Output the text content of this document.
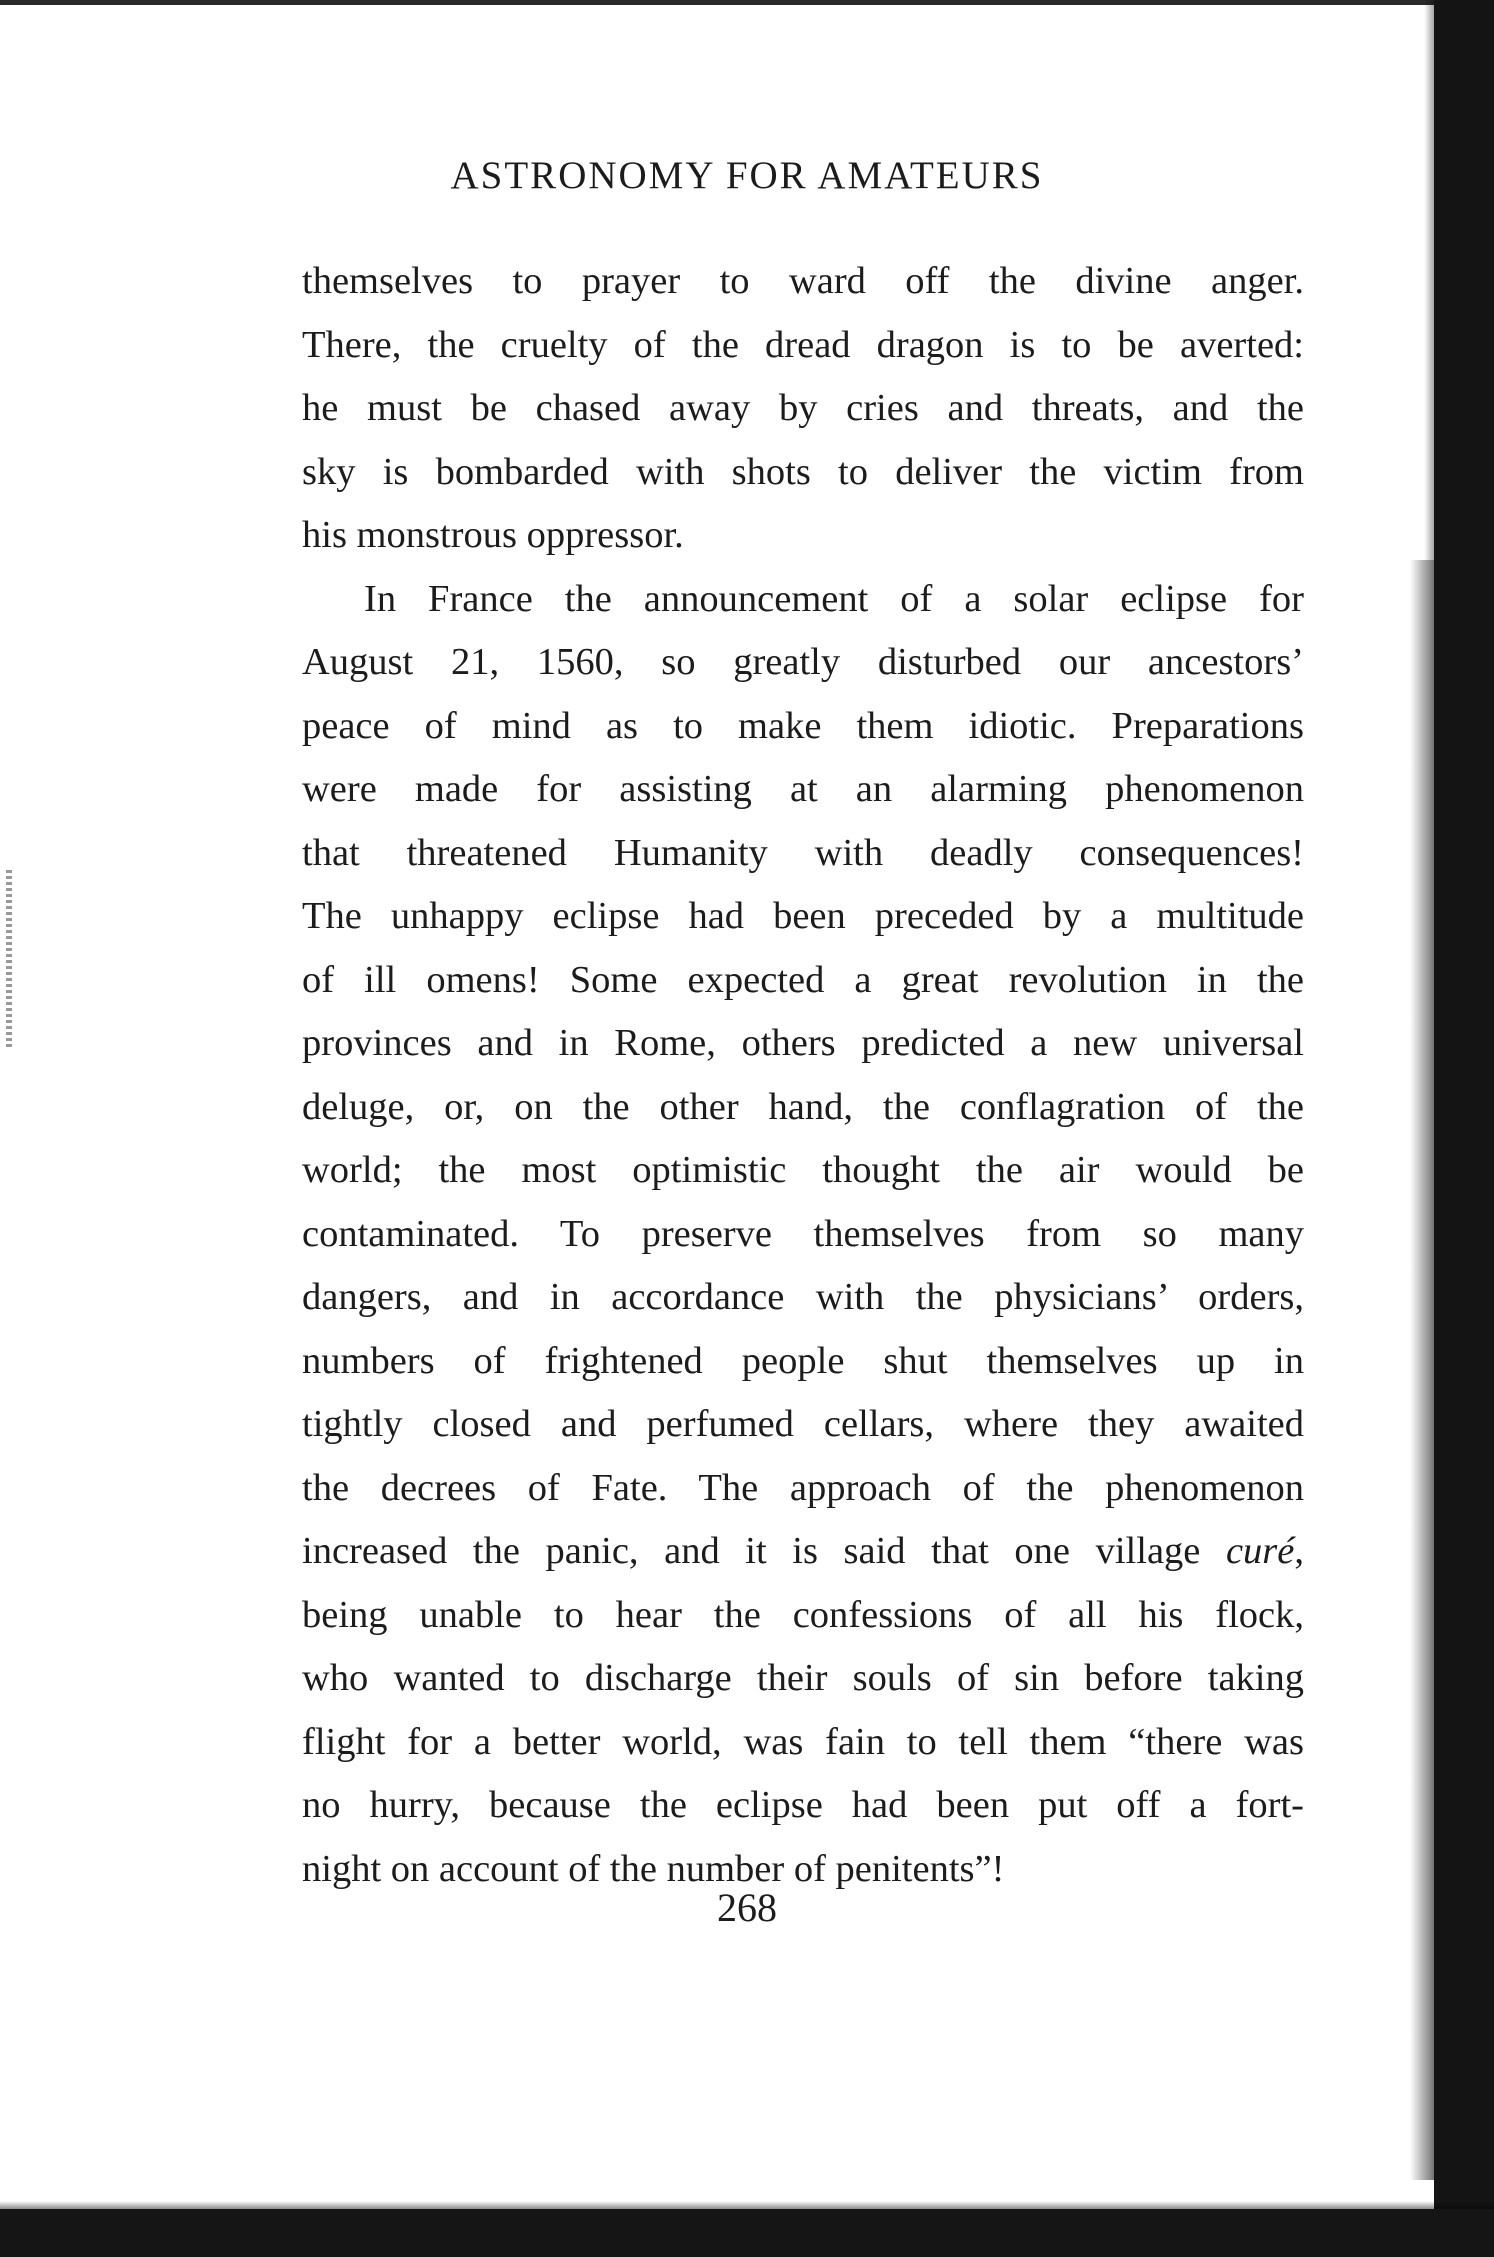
ASTRONOMY FOR AMATEURS
themselves to prayer to ward off the divine anger.
There, the cruelty of the dread dragon is to be averted:
he must be chased away by cries and threats, and the
sky is bombarded with shots to deliver the victim from
his monstrous oppressor.
In France the announcement of a solar eclipse for
August 21, 1560, so greatly disturbed our ancestors’
peace of mind as to make them idiotic. Preparations
were made for assisting at an alarming phenomenon
that threatened Humanity with deadly consequences!
The unhappy eclipse had been preceded by a multitude
of ill omens! Some expected a great revolution in the
provinces and in Rome, others predicted a new universal
deluge, or, on the other hand, the conflagration of the
world; the most optimistic thought the air would be
contaminated. To preserve themselves from so many
dangers, and in accordance with the physicians’ orders,
numbers of frightened people shut themselves up in
tightly closed and perfumed cellars, where they awaited
the decrees of Fate. The approach of the phenomenon
increased the panic, and it is said that one village curé,
being unable to hear the confessions of all his flock,
who wanted to discharge their souls of sin before taking
flight for a better world, was fain to tell them “there was
no hurry, because the eclipse had been put off a fort-
night on account of the number of penitents”!
268
